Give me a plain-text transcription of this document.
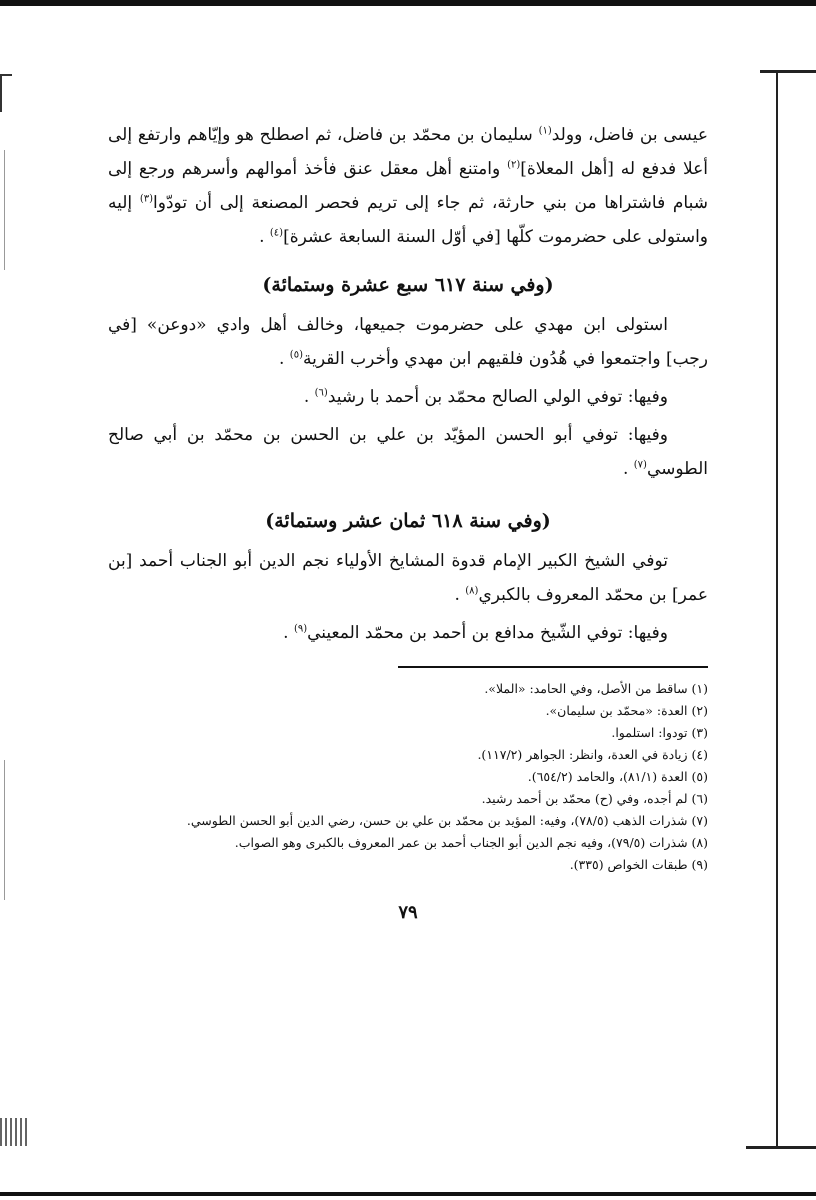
عيسى بن فاضل، وولد$^{(١)}$ سليمان بن محمّد بن فاضل، ثم اصطلح هو وإيّاهم وارتفع إلى أعلا فدفع له [أهل المعلاة]$^{(٢)}$ وامتنع أهل معقل عنق فأخذ أموالهم وأسرهم ورجع إلى شبام فاشتراها من بني حارثة، ثم جاء إلى تريم فحصر المصنعة إلى أن تودّوا$^{(٣)}$ إليه واستولى على حضرموت كلّها [في أوّل السنة السابعة عشرة]$^{(٤)}$ .

(وفي سنة ٦١٧ سبع عشرة وستمائة)

استولى ابن مهدي على حضرموت جميعها، وخالف أهل وادي «دوعن» [في رجب] واجتمعوا في هُدُون فلقيهم ابن مهدي وأخرب القرية$^{(٥)}$ .

وفيها: توفي الولي الصالح محمّد بن أحمد با رشيد$^{(٦)}$ .

وفيها: توفي أبو الحسن المؤيّد بن علي بن الحسن بن محمّد بن أبي صالح الطوسي$^{(٧)}$ .

(وفي سنة ٦١٨ ثمان عشر وستمائة)

توفي الشيخ الكبير الإمام قدوة المشايخ الأولياء نجم الدين أبو الجناب أحمد [بن عمر] بن محمّد المعروف بالكبري$^{(٨)}$ .

وفيها: توفي الشّيخ مدافع بن أحمد بن محمّد المعيني$^{(٩)}$ .

(١) ساقط من الأصل، وفي الحامد: «الملا».
(٢) العدة: «محمّد بن سليمان».
(٣) تودوا: استلموا.
(٤) زيادة في العدة، وانظر: الجواهر (١١٧/٢).
(٥) العدة (٨١/١)، والحامد (٦٥٤/٢).
(٦) لم أجده، وفي (ح) محمّد بن أحمد رشيد.
(٧) شذرات الذهب (٧٨/٥)، وفيه: المؤيد بن محمّد بن علي بن حسن، رضي الدين أبو الحسن الطوسي.
(٨) شذرات (٧٩/٥)، وفيه نجم الدين أبو الجناب أحمد بن عمر المعروف بالكبرى وهو الصواب.
(٩) طبقات الخواص (٣٣٥).
٧٩
